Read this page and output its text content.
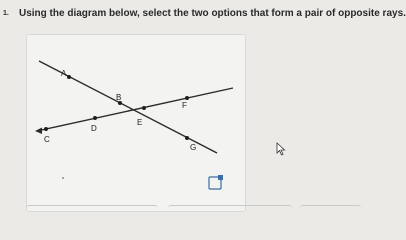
1. Using the diagram below, select the two options that form a pair of opposite rays.
A
B
C
D
E
F
G
